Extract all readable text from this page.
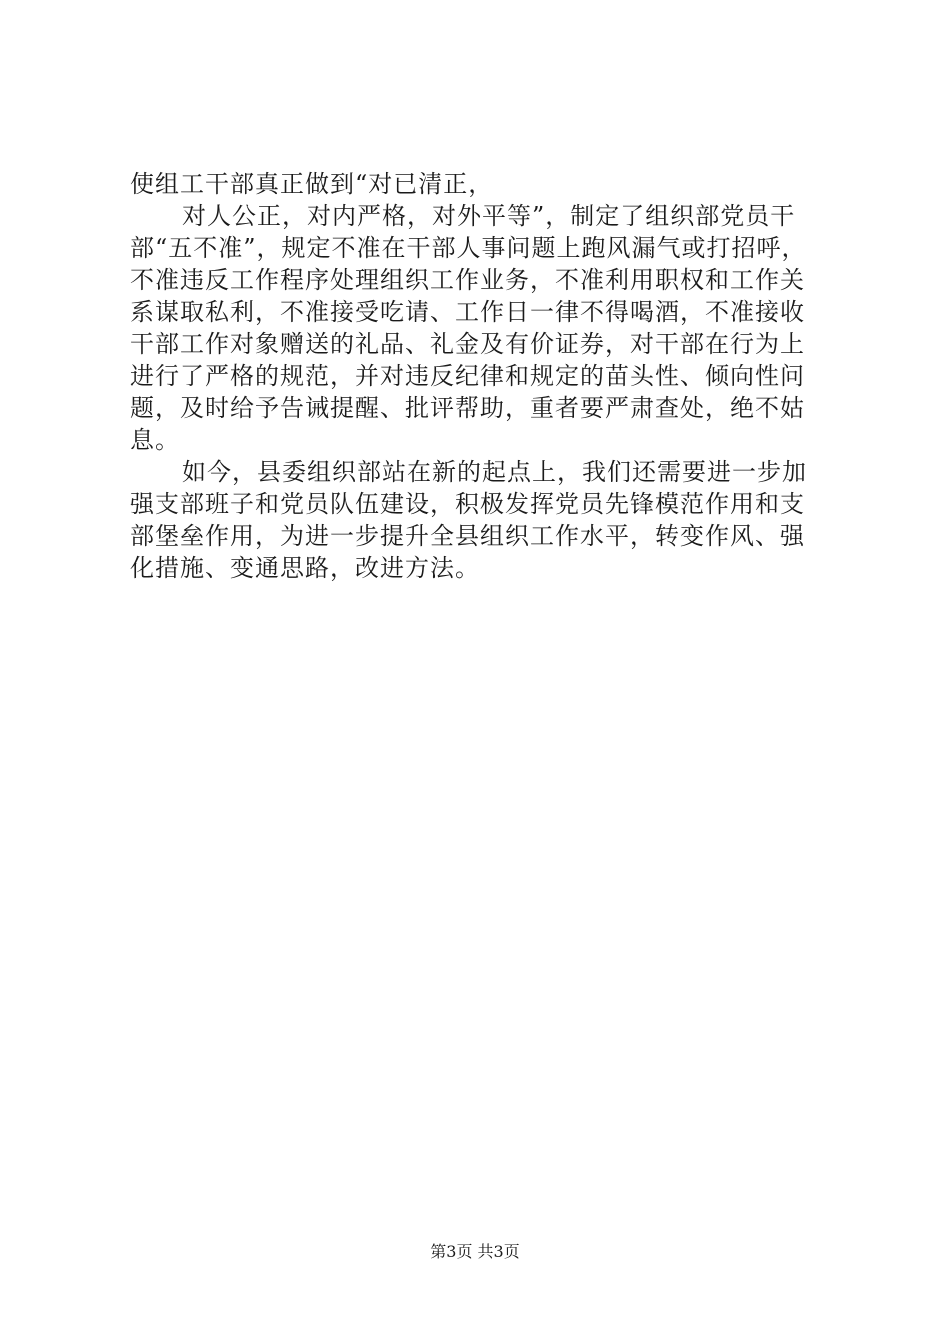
使组工干部真正做到“对已清正，
对人公正，对内严格，对外平等”，制定了组织部党员干
部“五不准”，规定不准在干部人事问题上跑风漏气或打招呼，
不准违反工作程序处理组织工作业务，不准利用职权和工作关
系谋取私利，不准接受吃请、工作日一律不得喝酒，不准接收
干部工作对象赠送的礼品、礼金及有价证券，对干部在行为上
进行了严格的规范，并对违反纪律和规定的苗头性、倾向性问
题，及时给予告诫提醒、批评帮助，重者要严肃查处，绝不姑
息。
如今，县委组织部站在新的起点上，我们还需要进一步加
强支部班子和党员队伍建设，积极发挥党员先锋模范作用和支
部堡垒作用，为进一步提升全县组织工作水平，转变作风、强
化措施、变通思路，改进方法。
第3页 共3页
